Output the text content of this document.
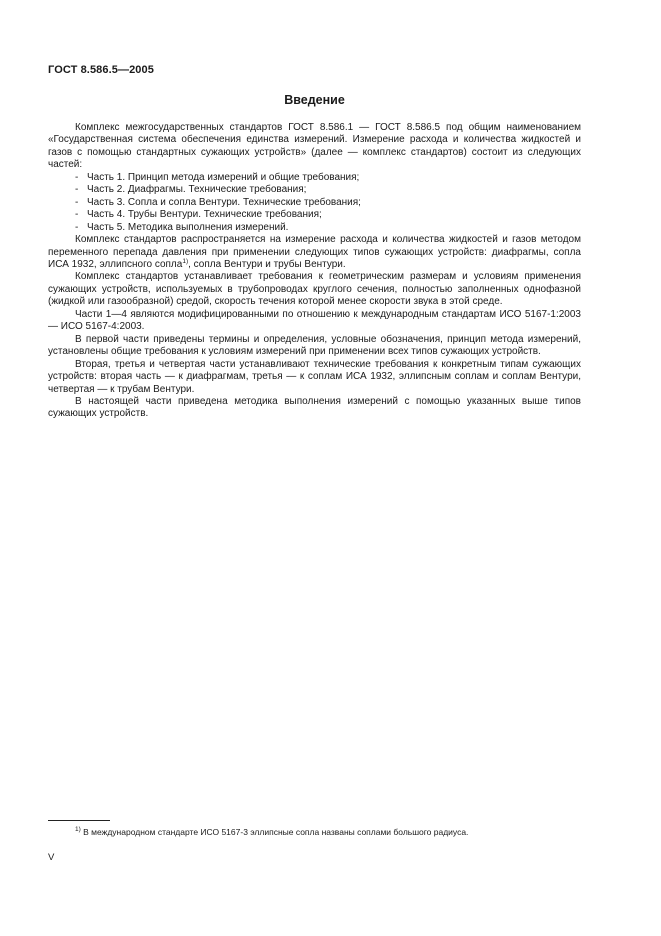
ГОСТ 8.586.5—2005
Введение

Комплекс межгосударственных стандартов ГОСТ 8.586.1 — ГОСТ 8.586.5 под общим наименованием «Государственная система обеспечения единства измерений. Измерение расхода и количества жидкостей и газов с помощью стандартных сужающих устройств» (далее — комплекс стандартов) состоит из следующих частей:

- Часть 1. Принцип метода измерений и общие требования;
- Часть 2. Диафрагмы. Технические требования;
- Часть 3. Сопла и сопла Вентури. Технические требования;
- Часть 4. Трубы Вентури. Технические требования;
- Часть 5. Методика выполнения измерений.

Комплекс стандартов распространяется на измерение расхода и количества жидкостей и газов методом переменного перепада давления при применении следующих типов сужающих устройств: диафрагмы, сопла ИСА 1932, эллипсного сопла$^{1)}$, сопла Вентури и трубы Вентури.

Комплекс стандартов устанавливает требования к геометрическим размерам и условиям применения сужающих устройств, используемых в трубопроводах круглого сечения, полностью заполненных однофазной (жидкой или газообразной) средой, скорость течения которой менее скорости звука в этой среде.

Части 1—4 являются модифицированными по отношению к международным стандартам ИСО 5167-1:2003 — ИСО 5167-4:2003.

В первой части приведены термины и определения, условные обозначения, принцип метода измерений, установлены общие требования к условиям измерений при применении всех типов сужающих устройств.

Вторая, третья и четвертая части устанавливают технические требования к конкретным типам сужающих устройств: вторая часть — к диафрагмам, третья — к соплам ИСА 1932, эллипсным соплам и соплам Вентури, четвертая — к трубам Вентури.

В настоящей части приведена методика выполнения измерений с помощью указанных выше типов сужающих устройств.

$^{1)}$ В международном стандарте ИСО 5167-3 эллипсные сопла названы соплами большого радиуса.
V
